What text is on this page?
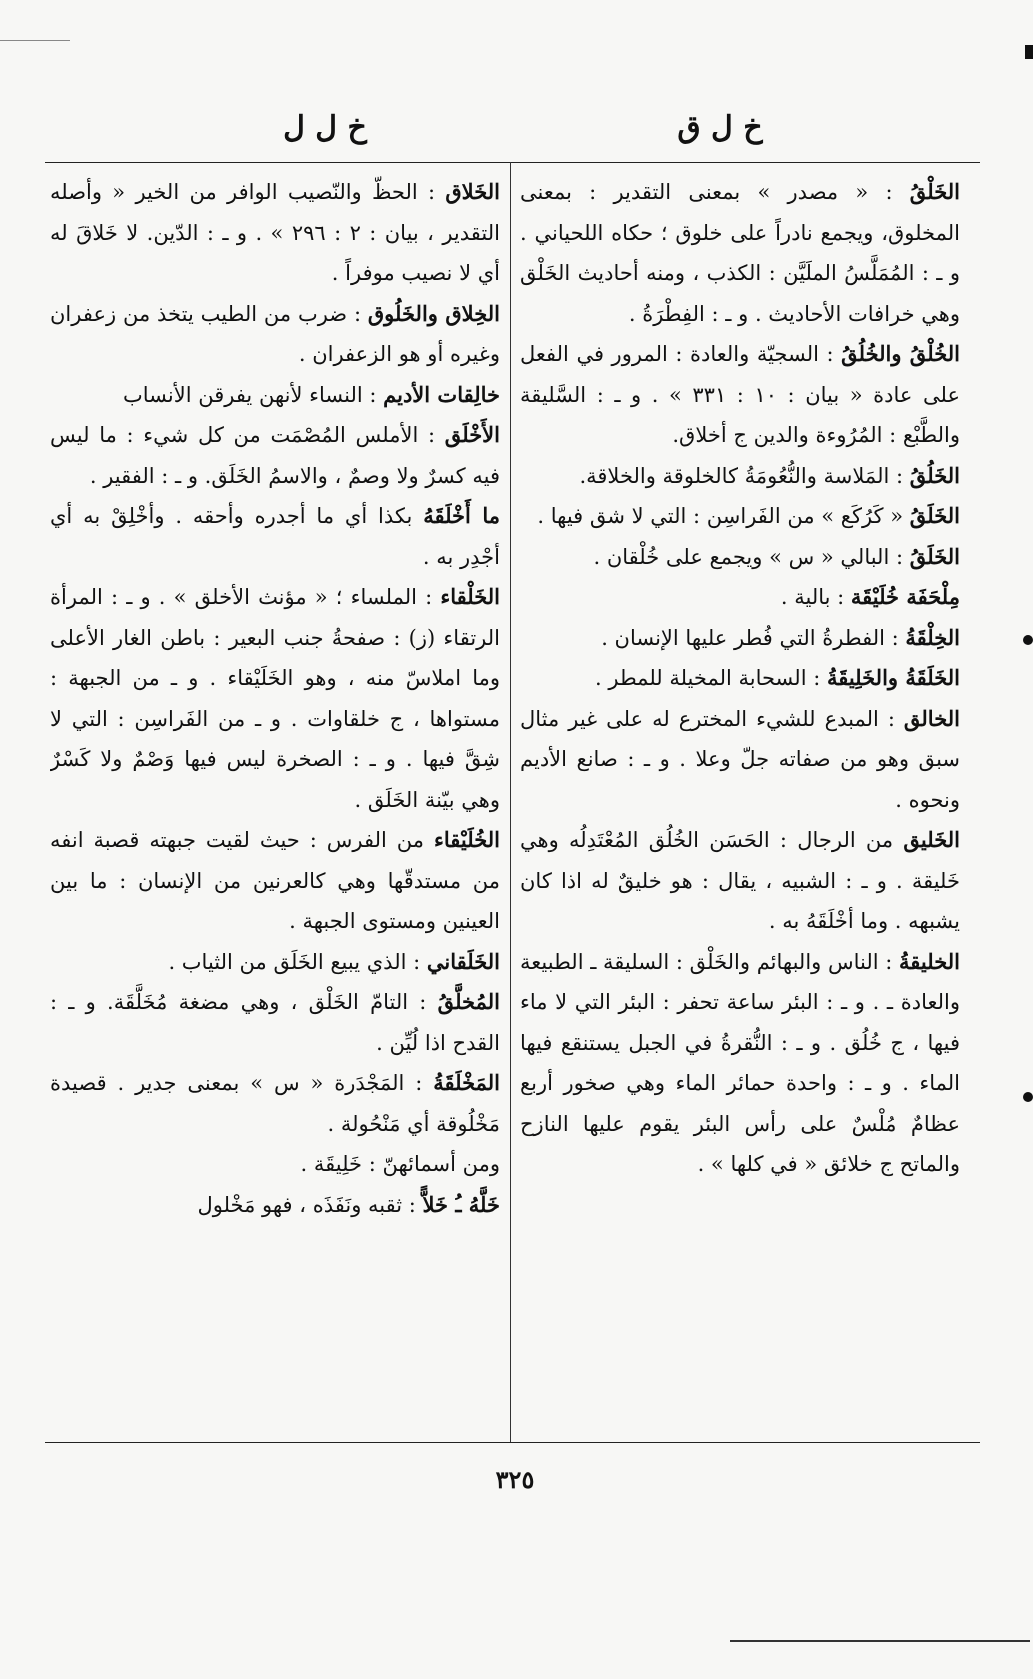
خ ل ق
خ ل ل

الخَلْقُ : « مصدر » بمعنى التقدير : بمعنى المخلوق، ويجمع نادراً على خلوق ؛ حكاه اللحياني . و ـ : المُمَلَّسُ الملَيَّن : الكذب ، ومنه أحاديث الخَلْق وهي خرافات الأحاديث . و ـ : الفِطْرَةُ .

الخُلْقُ والخُلُقُ : السجيّة والعادة : المرور في الفعل على عادة « بيان : ١٠ : ٣٣١ » . و ـ : السَّليقة والطَّبْع : المُرُوءة والدين ج أخلاق.

الخَلُقُ : المَلاسة والنُّعُومَةُ كالخلوقة والخلاقة.

الخَلَقُ « كَرُكَع » من الفَراسِن : التي لا شق فيها .

الخَلَقُ : البالي « س » ويجمع على خُلْقان .

مِلْحَفَة خُلَيْقَة : بالية .

الخِلْقَةُ : الفطرةُ التي فُطر عليها الإنسان .

الخَلَقَةُ والخَلِيقَةُ : السحابة المخيلة للمطر .

الخالق : المبدع للشيء المخترع له على غير مثال سبق وهو من صفاته جلّ وعلا . و ـ : صانع الأديم ونحوه .

الخَليق من الرجال : الحَسَن الخُلُق المُعْتَدِلُه وهي خَليقة . و ـ : الشبيه ، يقال : هو خليقٌ له اذا كان يشبهه . وما أخْلَقَهُ به .

الخليقةُ : الناس والبهائم والخَلْق : السليقة ـ الطبيعة والعادة ـ . و ـ : البئر ساعة تحفر : البئر التي لا ماء فيها ، ج خُلُق . و ـ : النُّقرةُ في الجبل يستنقع فيها الماء . و ـ : واحدة حمائر الماء وهي صخور أربع عظامٌ مُلْسٌ على رأس البئر يقوم عليها النازح والماتح ج خلائق « في كلها » .

الخَلاق : الحظّ والنّصيب الوافر من الخير « وأصله التقدير ، بيان : ٢ : ٢٩٦ » . و ـ : الدّين. لا خَلاقَ له أي لا نصيب موفراً .

الخِلاق والخَلُوق : ضرب من الطيب يتخذ من زعفران وغيره أو هو الزعفران .

خالِقات الأديم : النساء لأنهن يفرقن الأنساب

الأَخْلَق : الأملس المُصْمَت من كل شيء : ما ليس فيه كسرٌ ولا وصمٌ ، والاسمُ الخَلَق. و ـ : الفقير .

ما أَخْلَقَهُ بكذا أي ما أجدره وأحقه . وأخْلِقْ به أي أجْدِر به .

الخَلْقاء : الملساء ؛ « مؤنث الأخلق » . و ـ : المرأة الرتقاء (ز) : صفحةُ جنب البعير : باطن الغار الأعلى وما املاسّ منه ، وهو الخَلَيْقاء . و ـ من الجبهة : مستواها ، ج خلقاوات . و ـ من الفَراسِن : التي لا شِقَّ فيها . و ـ : الصخرة ليس فيها وَصْمٌ ولا كَسْرٌ وهي بيّنة الخَلَق .

الخُلَيْقاء من الفرس : حيث لقيت جبهته قصبة انفه من مستدقّها وهي كالعرنين من الإنسان : ما بين العينين ومستوى الجبهة .

الخَلَقاني : الذي يبيع الخَلَق من الثياب .

المُخلَّقُ : التامّ الخَلْق ، وهي مضغة مُخَلَّقَة. و ـ : القدح اذا لُيِّن .

المَخْلَقَةُ : المَجْدَرة « س » بمعنى جدير . قصيدة مَخْلُوقة أي مَنْحُولة .

ومن أسمائهنّ : خَلِيقَة .

خَلَّهُ ـُ خَلاًّ : ثقبه ونَفَذَه ، فهو مَخْلول

٣٢٥
